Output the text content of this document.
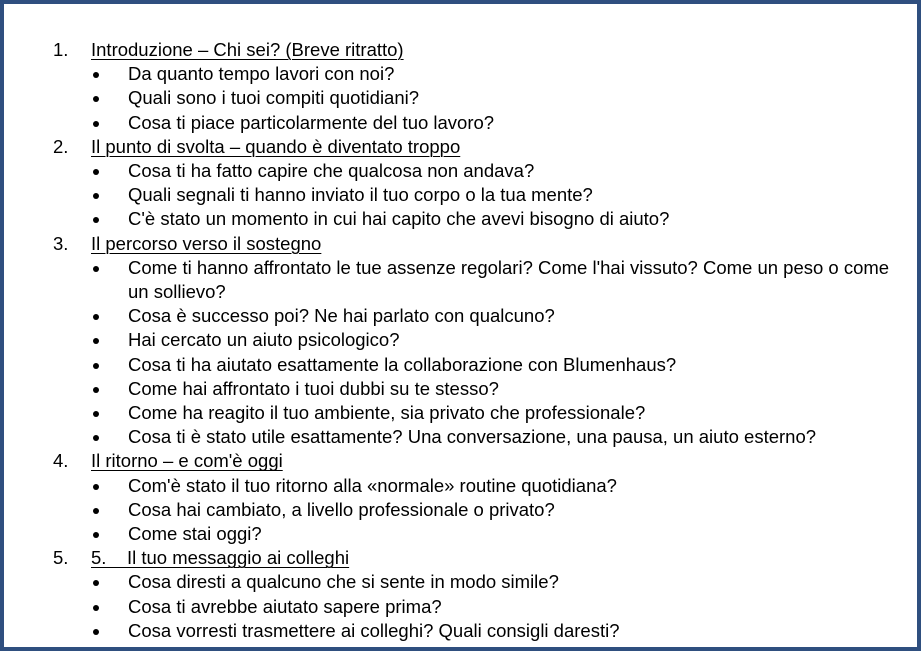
1.	Introduzione – Chi sei? (Breve ritratto)
Da quanto tempo lavori con noi?
Quali sono i tuoi compiti quotidiani?
Cosa ti piace particolarmente del tuo lavoro?
2.	Il punto di svolta – quando è diventato troppo
Cosa ti ha fatto capire che qualcosa non andava?
Quali segnali ti hanno inviato il tuo corpo o la tua mente?
C'è stato un momento in cui hai capito che avevi bisogno di aiuto?
3.	Il percorso verso il sostegno
Come ti hanno affrontato le tue assenze regolari? Come l'hai vissuto? Come un peso o come un sollievo?
Cosa è successo poi? Ne hai parlato con qualcuno?
Hai cercato un aiuto psicologico?
Cosa ti ha aiutato esattamente la collaborazione con Blumenhaus?
Come hai affrontato i tuoi dubbi su te stesso?
Come ha reagito il tuo ambiente, sia privato che professionale?
Cosa ti è stato utile esattamente? Una conversazione, una pausa, un aiuto esterno?
4.	Il ritorno – e com'è oggi
Com'è stato il tuo ritorno alla «normale» routine quotidiana?
Cosa hai cambiato, a livello professionale o privato?
Come stai oggi?
5.	5.    Il tuo messaggio ai colleghi
Cosa diresti a qualcuno che si sente in modo simile?
Cosa ti avrebbe aiutato sapere prima?
Cosa vorresti trasmettere ai colleghi? Quali consigli daresti?
